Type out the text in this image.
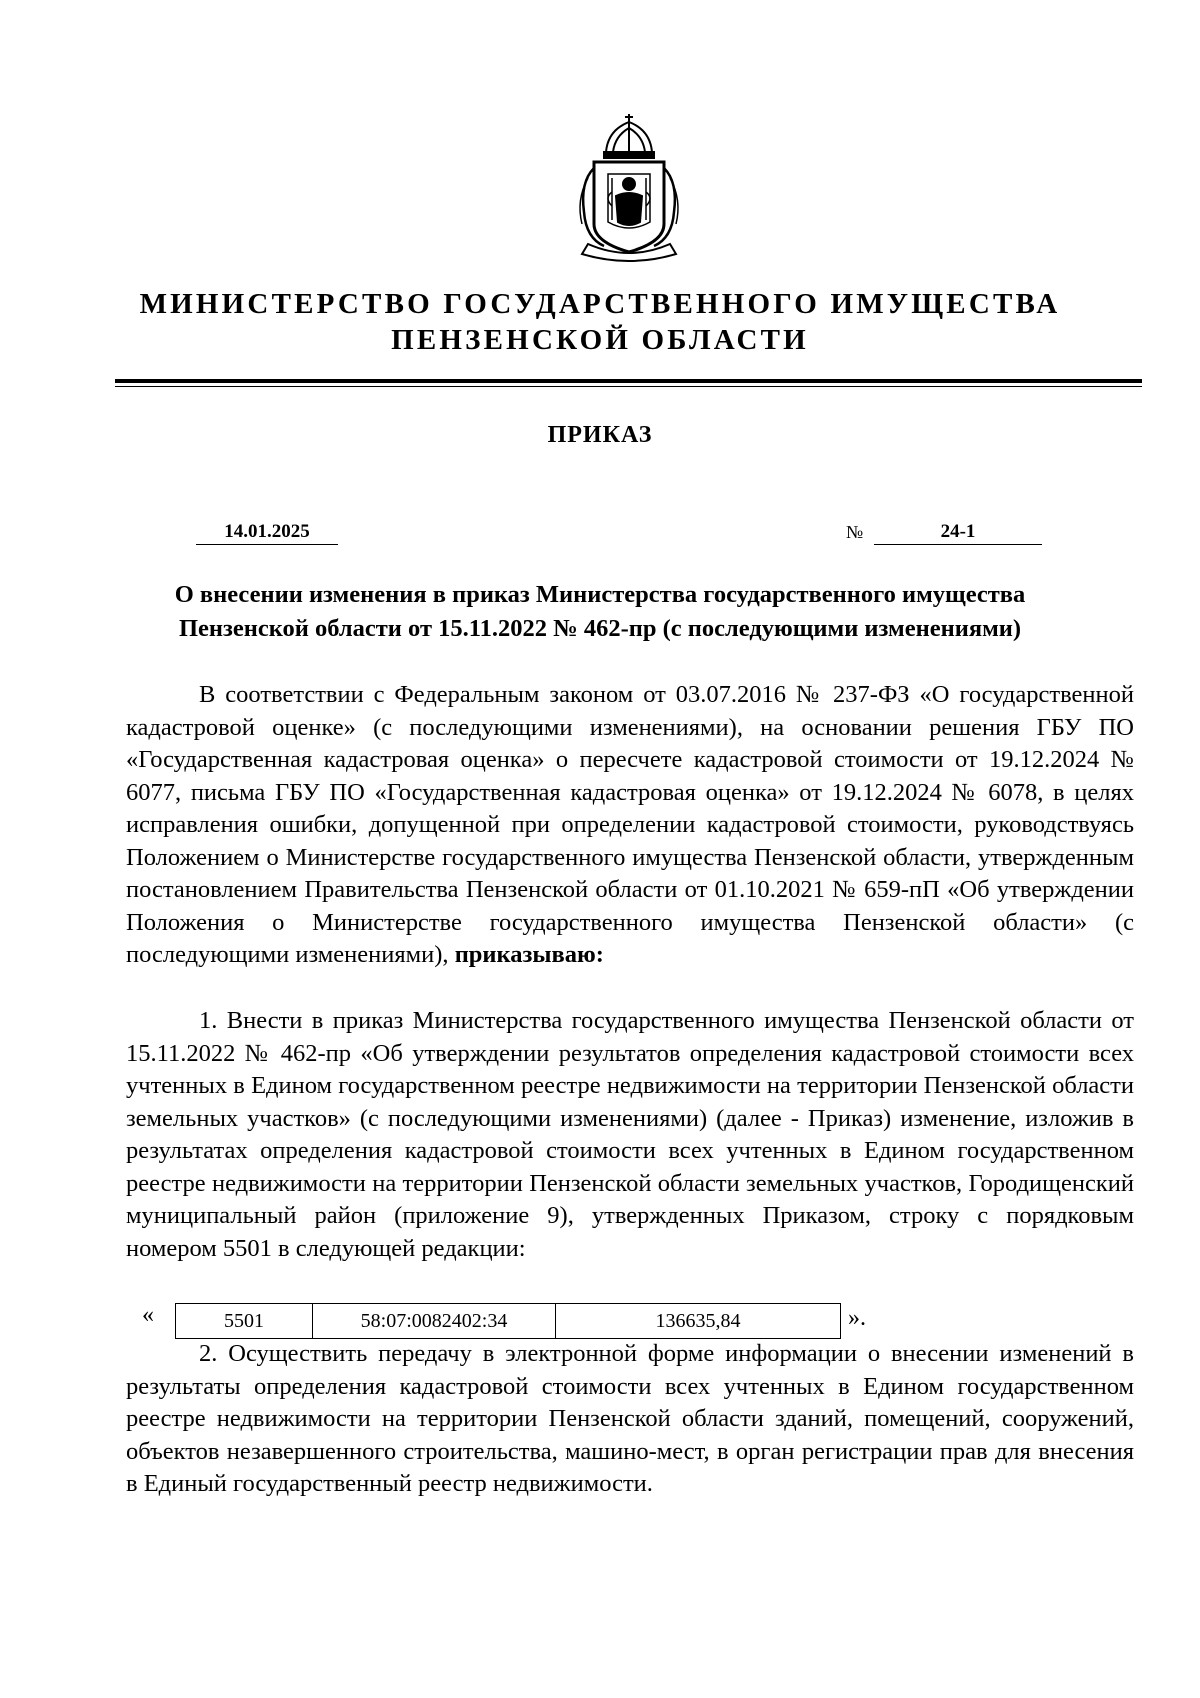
МИНИСТЕРСТВО ГОСУДАРСТВЕННОГО ИМУЩЕСТВА
ПЕНЗЕНСКОЙ ОБЛАСТИ
ПРИКАЗ
14.01.2025	№	24-1
О внесении изменения в приказ Министерства государственного имущества
Пензенской области от 15.11.2022 № 462-пр (с последующими изменениями)

В соответствии с Федеральным законом от 03.07.2016 № 237-ФЗ «О государственной кадастровой оценке» (с последующими изменениями), на основании решения ГБУ ПО «Государственная кадастровая оценка» о пересчете кадастровой стоимости от 19.12.2024 № 6077, письма ГБУ ПО «Государственная кадастровая оценка» от 19.12.2024 № 6078, в целях исправления ошибки, допущенной при определении кадастровой стоимости, руководствуясь Положением о Министерстве государственного имущества Пензенской области, утвержденным постановлением Правительства Пензенской области от 01.10.2021 № 659-пП «Об утверждении Положения о Министерстве государственного имущества Пензенской области» (с последующими изменениями), приказываю:

1. Внести в приказ Министерства государственного имущества Пензенской области от 15.11.2022 № 462-пр «Об утверждении результатов определения кадастровой стоимости всех учтенных в Едином государственном реестре недвижимости на территории Пензенской области земельных участков» (с последующими изменениями) (далее - Приказ) изменение, изложив в результатах определения кадастровой стоимости всех учтенных в Едином государственном реестре недвижимости на территории Пензенской области земельных участков, Городищенский муниципальный район (приложение 9), утвержденных Приказом, строку с порядковым номером 5501 в следующей редакции:

«	5501	58:07:0082402:34	136635,84	».

2. Осуществить передачу в электронной форме информации о внесении изменений в результаты определения кадастровой стоимости всех учтенных в Едином государственном реестре недвижимости на территории Пензенской области зданий, помещений, сооружений, объектов незавершенного строительства, машино-мест, в орган регистрации прав для внесения в Единый государственный реестр недвижимости.
